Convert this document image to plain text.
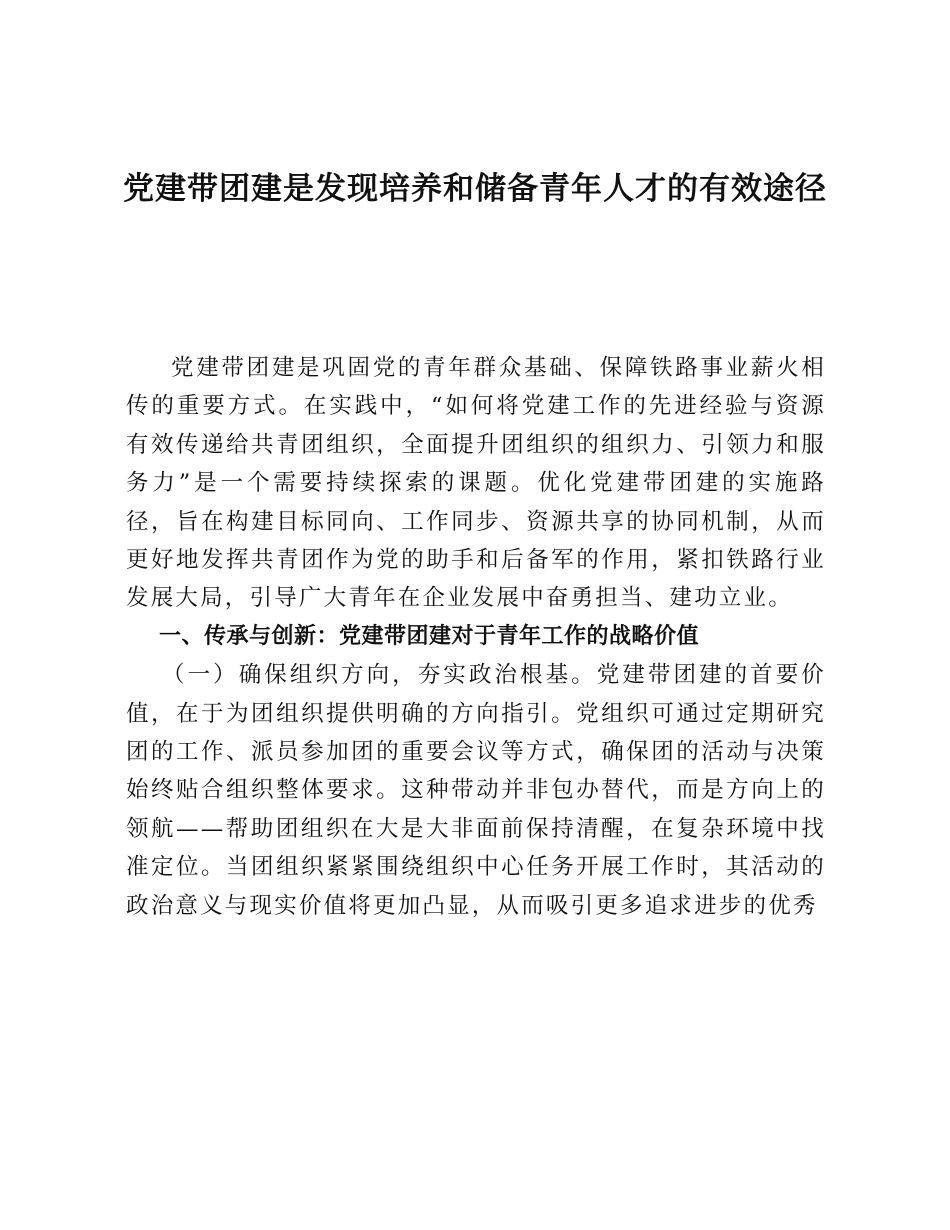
党建带团建是发现培养和储备青年人才的有效途径

党建带团建是巩固党的青年群众基础、保障铁路事业薪火相传的重要方式。在实践中，“如何将党建工作的先进经验与资源有效传递给共青团组织，全面提升团组织的组织力、引领力和服务力”是一个需要持续探索的课题。优化党建带团建的实施路径，旨在构建目标同向、工作同步、资源共享的协同机制，从而更好地发挥共青团作为党的助手和后备军的作用，紧扣铁路行业发展大局，引导广大青年在企业发展中奋勇担当、建功立业。

一、传承与创新：党建带团建对于青年工作的战略价值

（一）确保组织方向，夯实政治根基。党建带团建的首要价值，在于为团组织提供明确的方向指引。党组织可通过定期研究团的工作、派员参加团的重要会议等方式，确保团的活动与决策始终贴合组织整体要求。这种带动并非包办替代，而是方向上的领航——帮助团组织在大是大非面前保持清醒，在复杂环境中找准定位。当团组织紧紧围绕组织中心任务开展工作时，其活动的政治意义与现实价值将更加凸显，从而吸引更多追求进步的优秀
